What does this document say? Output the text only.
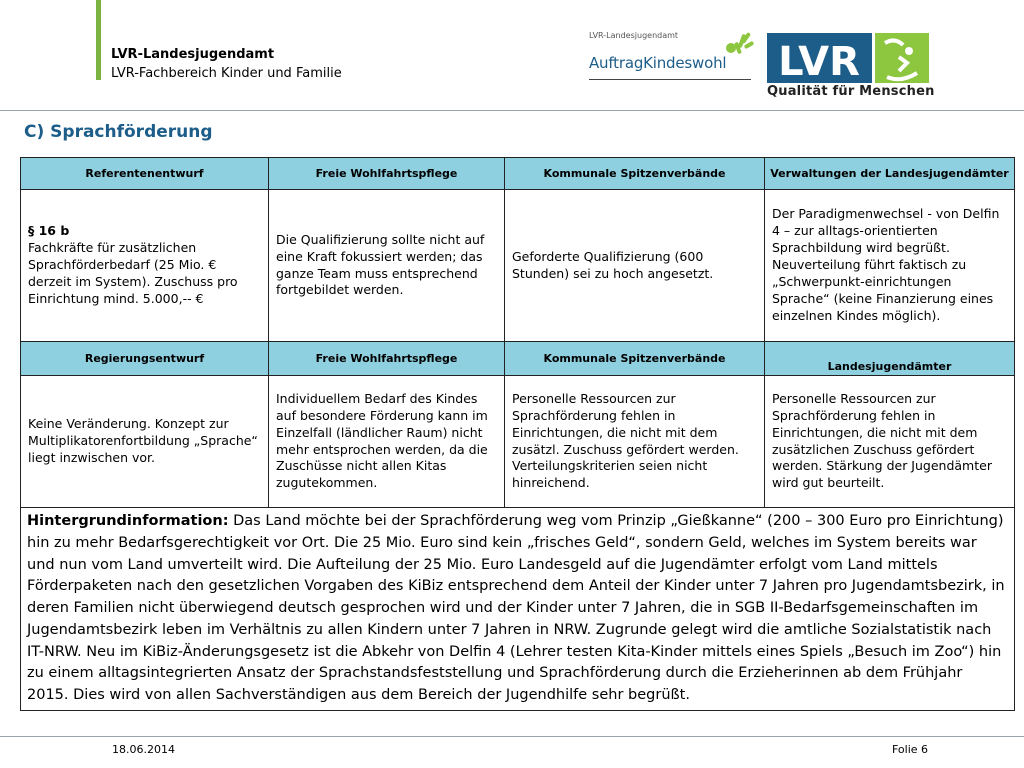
LVR-Landesjugendamt
LVR-Fachbereich Kinder und Familie
LVR-Landesjugendamt
AuftragKindeswohl LVR
Qualität für Menschen
C) Sprachförderung
Referentenentwurf	Freie Wohlfahrtspflege	Kommunale Spitzenverbände	Verwaltungen der Landesjugendämter

§ 16 b
Fachkräfte für zusätzlichen Sprachförderbedarf (25 Mio. € derzeit im System). Zuschuss pro Einrichtung mind. 5.000,-- €	Die Qualifizierung sollte nicht auf eine Kraft fokussiert werden; das ganze Team muss entsprechend fortgebildet werden.	Geforderte Qualifizierung (600 Stunden) sei zu hoch angesetzt.	Der Paradigmenwechsel - von Delfin 4 – zur alltags-orientierten Sprachbildung wird begrüßt. Neuverteilung führt faktisch zu „Schwerpunkt-einrichtungen Sprache“ (keine Finanzierung eines einzelnen Kindes möglich).
Regierungsentwurf	Freie Wohlfahrtspflege	Kommunale Spitzenverbände	Landesjugendämter
Keine Veränderung. Konzept zur Multiplikatorenfortbildung „Sprache“ liegt inzwischen vor.	Individuellem Bedarf des Kindes auf besondere Förderung kann im Einzelfall (ländlicher Raum) nicht mehr entsprochen werden, da die Zuschüsse nicht allen Kitas zugutekommen.	Personelle Ressourcen zur Sprachförderung fehlen in Einrichtungen, die nicht mit dem zusätzl. Zuschuss gefördert werden. Verteilungskriterien seien nicht hinreichend.	Personelle Ressourcen zur Sprachförderung fehlen in Einrichtungen, die nicht mit dem zusätzlichen Zuschuss gefördert werden. Stärkung der Jugendämter wird gut beurteilt.
Hintergrundinformation: Das Land möchte bei der Sprachförderung weg vom Prinzip „Gießkanne“ (200 – 300 Euro pro Einrichtung) hin zu mehr Bedarfsgerechtigkeit vor Ort. Die 25 Mio. Euro sind kein „frisches Geld“, sondern Geld, welches im System bereits war und nun vom Land umverteilt wird. Die Aufteilung der 25 Mio. Euro Landesgeld auf die Jugendämter erfolgt vom Land mittels Förderpaketen nach den gesetzlichen Vorgaben des KiBiz entsprechend dem Anteil der Kinder unter 7 Jahren pro Jugendamtsbezirk, in deren Familien nicht überwiegend deutsch gesprochen wird und der Kinder unter 7 Jahren, die in SGB II-Bedarfsgemeinschaften im Jugendamtsbezirk leben im Verhältnis zu allen Kindern unter 7 Jahren in NRW. Zugrunde gelegt wird die amtliche Sozialstatistik nach IT-NRW. Neu im KiBiz-Änderungsgesetz ist die Abkehr von Delfin 4 (Lehrer testen Kita-Kinder mittels eines Spiels „Besuch im Zoo“) hin zu einem alltagsintegrierten Ansatz der Sprachstandsfeststellung und Sprachförderung durch die Erzieherinnen ab dem Frühjahr 2015. Dies wird von allen Sachverständigen aus dem Bereich der Jugendhilfe sehr begrüßt.			
18.06.2014	Folie 6
